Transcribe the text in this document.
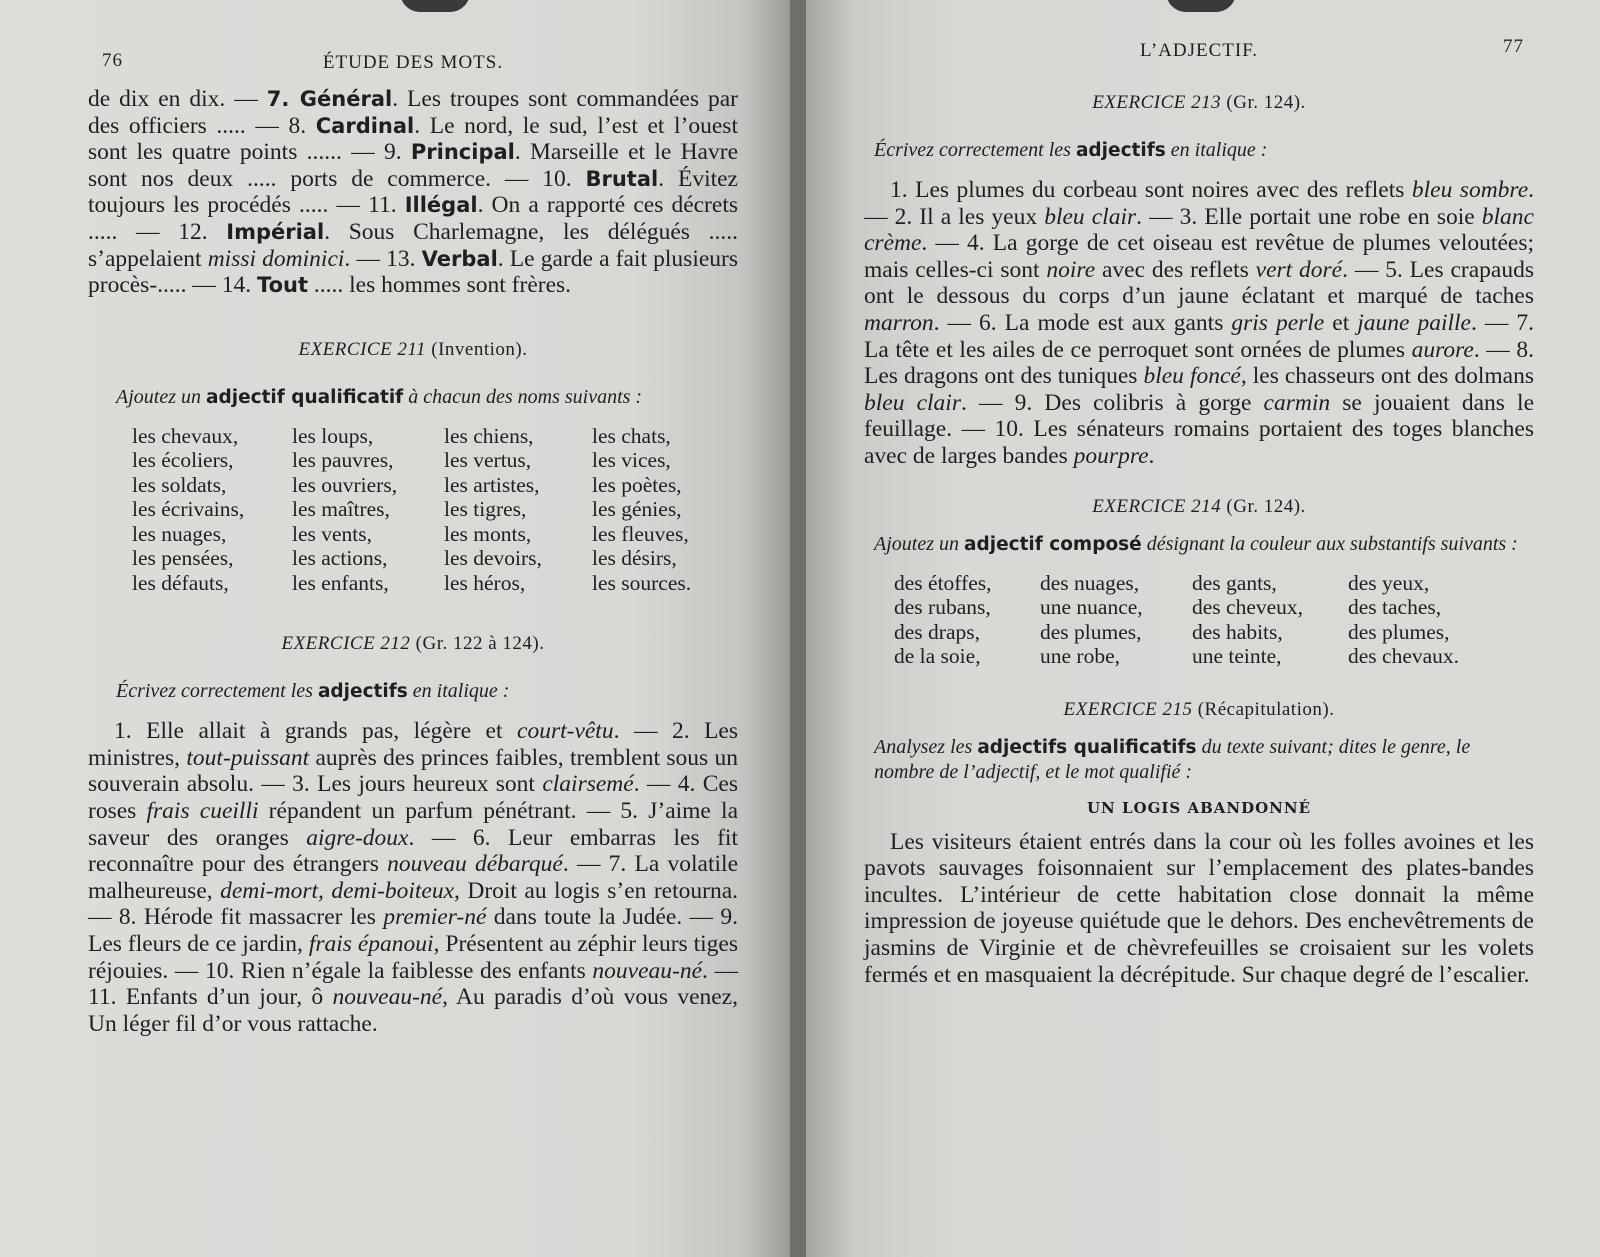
76	ÉTUDE DES MOTS.

de dix en dix. — 7. Général. Les troupes sont commandées par des officiers ..... — 8. Cardinal. Le nord, le sud, l’est et l’ouest sont les quatre points ...... — 9. Principal. Marseille et le Havre sont nos deux ..... ports de commerce. — 10. Brutal. Évitez toujours les procédés ..... — 11. Illégal. On a rapporté ces décrets ..... — 12. Impérial. Sous Charlemagne, les délégués ..... s’appelaient missi dominici. — 13. Verbal. Le garde a fait plusieurs procès-..... — 14. Tout ..... les hommes sont frères.

EXERCICE 211 (Invention).
Ajoutez un adjectif qualificatif à chacun des noms suivants :
les chevaux,	les loups,	les chiens,	les chats,
les écoliers,	les pauvres,	les vertus,	les vices,
les soldats,	les ouvriers,	les artistes,	les poètes,
les écrivains,	les maîtres,	les tigres,	les génies,
les nuages,	les vents,	les monts,	les fleuves,
les pensées,	les actions,	les devoirs,	les désirs,
les défauts,	les enfants,	les héros,	les sources.
EXERCICE 212 (Gr. 122 à 124).
Écrivez correctement les adjectifs en italique :

1. Elle allait à grands pas, légère et court-vêtu. — 2. Les ministres, tout-puissant auprès des princes faibles, tremblent sous un souverain absolu. — 3. Les jours heureux sont clairsemé. — 4. Ces roses frais cueilli répandent un parfum pénétrant. — 5. J’aime la saveur des oranges aigre-doux. — 6. Leur embarras les fit reconnaître pour des étrangers nouveau débarqué. — 7. La volatile malheureuse, demi-mort, demi-boiteux, Droit au logis s’en retourna.— 8. Hérode fit massacrer les premier-né dans toute la Judée. — 9. Les fleurs de ce jardin, frais épanoui, Présentent au zéphir leurs tiges réjouies. — 10. Rien n’égale la faiblesse des enfants nouveau-né. — 11. Enfants d’un jour, ô nouveau-né, Au paradis d’où vous venez, Un léger fil d’or vous rattache.

L’ADJECTIF.	77
EXERCICE 213 (Gr. 124).
Écrivez correctement les adjectifs en italique :

1. Les plumes du corbeau sont noires avec des reflets bleu sombre. — 2. Il a les yeux bleu clair. — 3. Elle portait une robe en soie blanc crème. — 4. La gorge de cet oiseau est revêtue de plumes veloutées; mais celles-ci sont noire avec des reflets vert doré. — 5. Les crapauds ont le dessous du corps d’un jaune éclatant et marqué de taches marron. — 6. La mode est aux gants gris perle et jaune paille. — 7. La tête et les ailes de ce perroquet sont ornées de plumes aurore. — 8. Les dragons ont des tuniques bleu foncé, les chasseurs ont des dolmans bleu clair. — 9. Des colibris à gorge carmin se jouaient dans le feuillage. — 10. Les sénateurs romains portaient des toges blanches avec de larges bandes pourpre.

EXERCICE 214 (Gr. 124).
Ajoutez un adjectif composé désignant la couleur aux substantifs suivants :
des étoffes,	des nuages,	des gants,	des yeux,
des rubans,	une nuance,	des cheveux,	des taches,
des draps,	des plumes,	des habits,	des plumes,
de la soie,	une robe,	une teinte,	des chevaux.
EXERCICE 215 (Récapitulation).
Analysez les adjectifs qualificatifs du texte suivant; dites le genre, le nombre de l’adjectif, et le mot qualifié :
UN LOGIS ABANDONNÉ

Les visiteurs étaient entrés dans la cour où les folles avoines et les pavots sauvages foisonnaient sur l’emplacement des plates-bandes incultes. L’intérieur de cette habitation close donnait la même impression de joyeuse quiétude que le dehors. Des enchevêtrements de jasmins de Virginie et de chèvrefeuilles se croisaient sur les volets fermés et en masquaient la décrépitude. Sur chaque degré de l’escalier.
